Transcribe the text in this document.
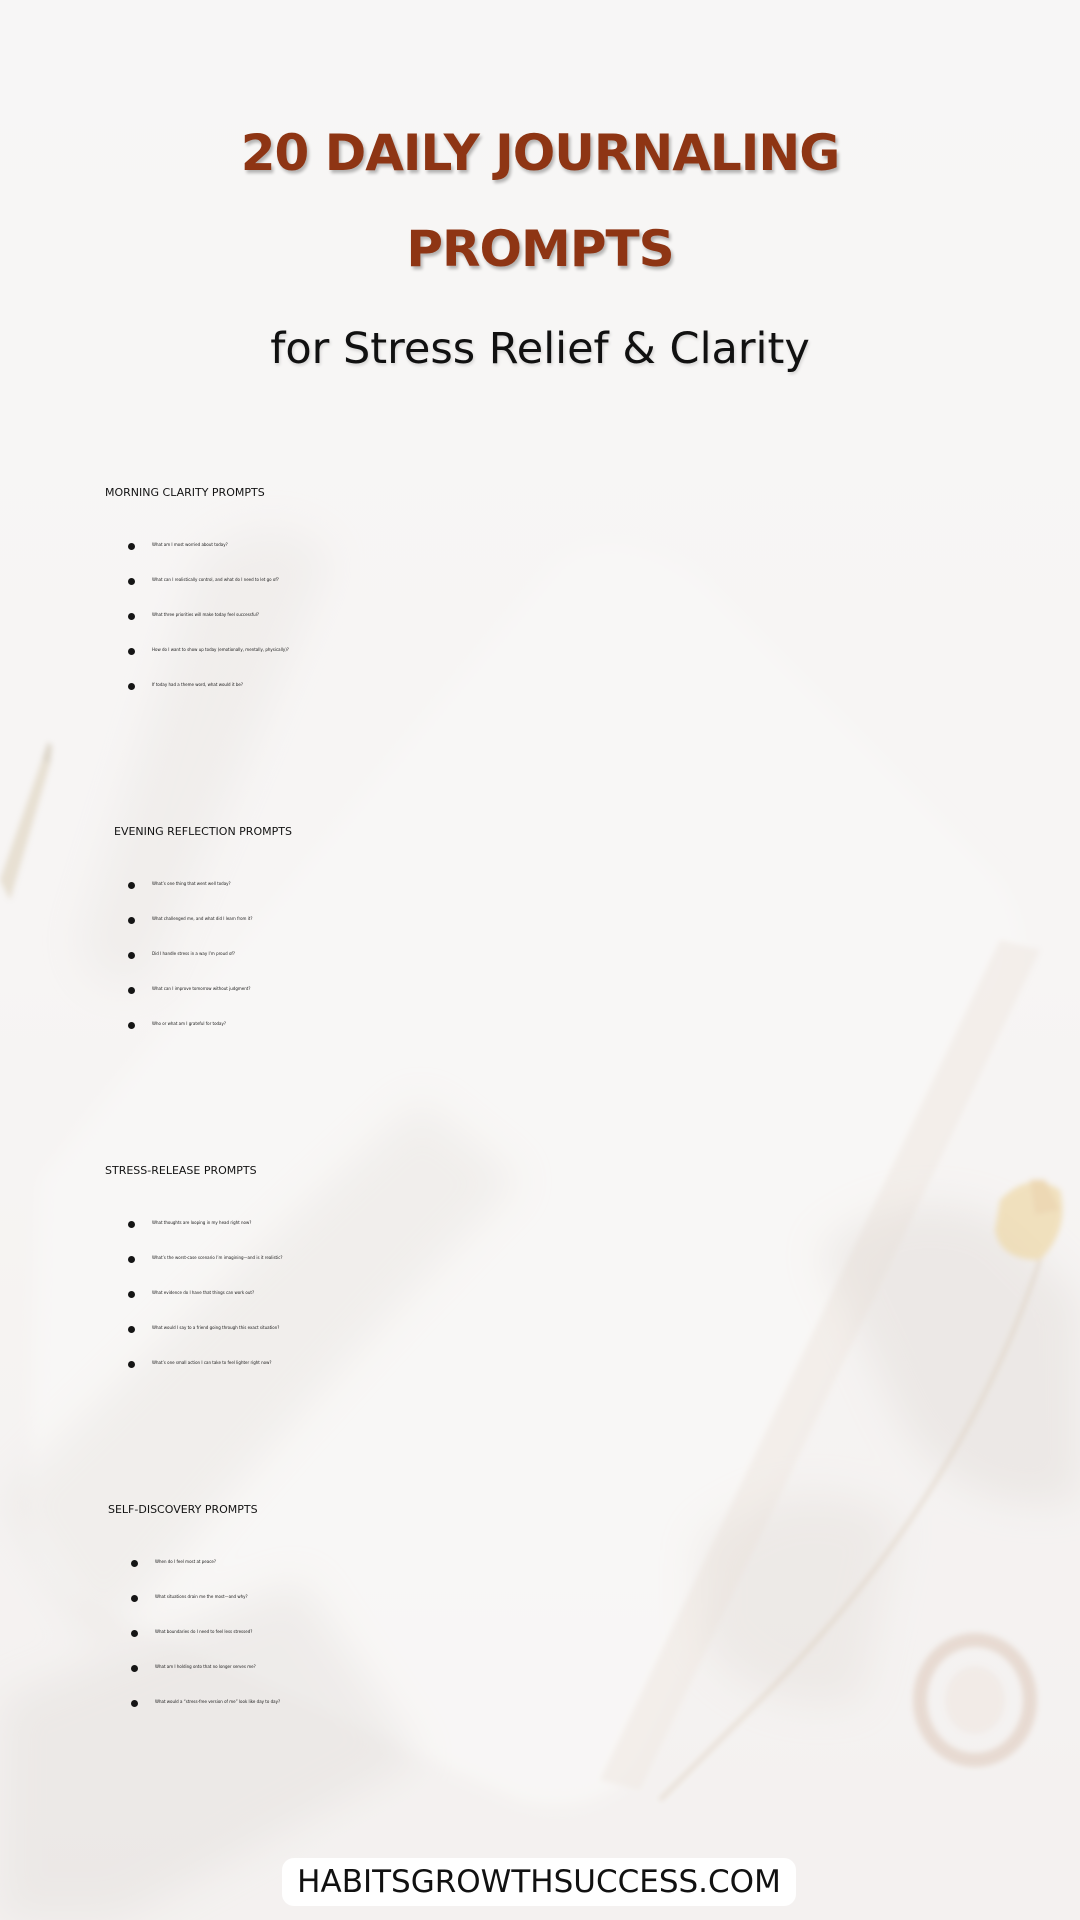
20 DAILY JOURNALING
PROMPTS
for Stress Relief & Clarity
MORNING CLARITY PROMPTS
What am I most worried about today?
What can I realistically control, and what do I need to let go of?
What three priorities will make today feel successful?
How do I want to show up today (emotionally, mentally, physically)?
If today had a theme word, what would it be?
EVENING REFLECTION PROMPTS
What’s one thing that went well today?
What challenged me, and what did I learn from it?
Did I handle stress in a way I’m proud of?
What can I improve tomorrow without judgment?
Who or what am I grateful for today?
STRESS-RELEASE PROMPTS
What thoughts are looping in my head right now?
What’s the worst-case scenario I’m imagining—and is it realistic?
What evidence do I have that things can work out?
What would I say to a friend going through this exact situation?
What’s one small action I can take to feel lighter right now?
SELF-DISCOVERY PROMPTS
When do I feel most at peace?
What situations drain me the most—and why?
What boundaries do I need to feel less stressed?
What am I holding onto that no longer serves me?
What would a “stress-free version of me” look like day to day?
HABITSGROWTHSUCCESS.COM
